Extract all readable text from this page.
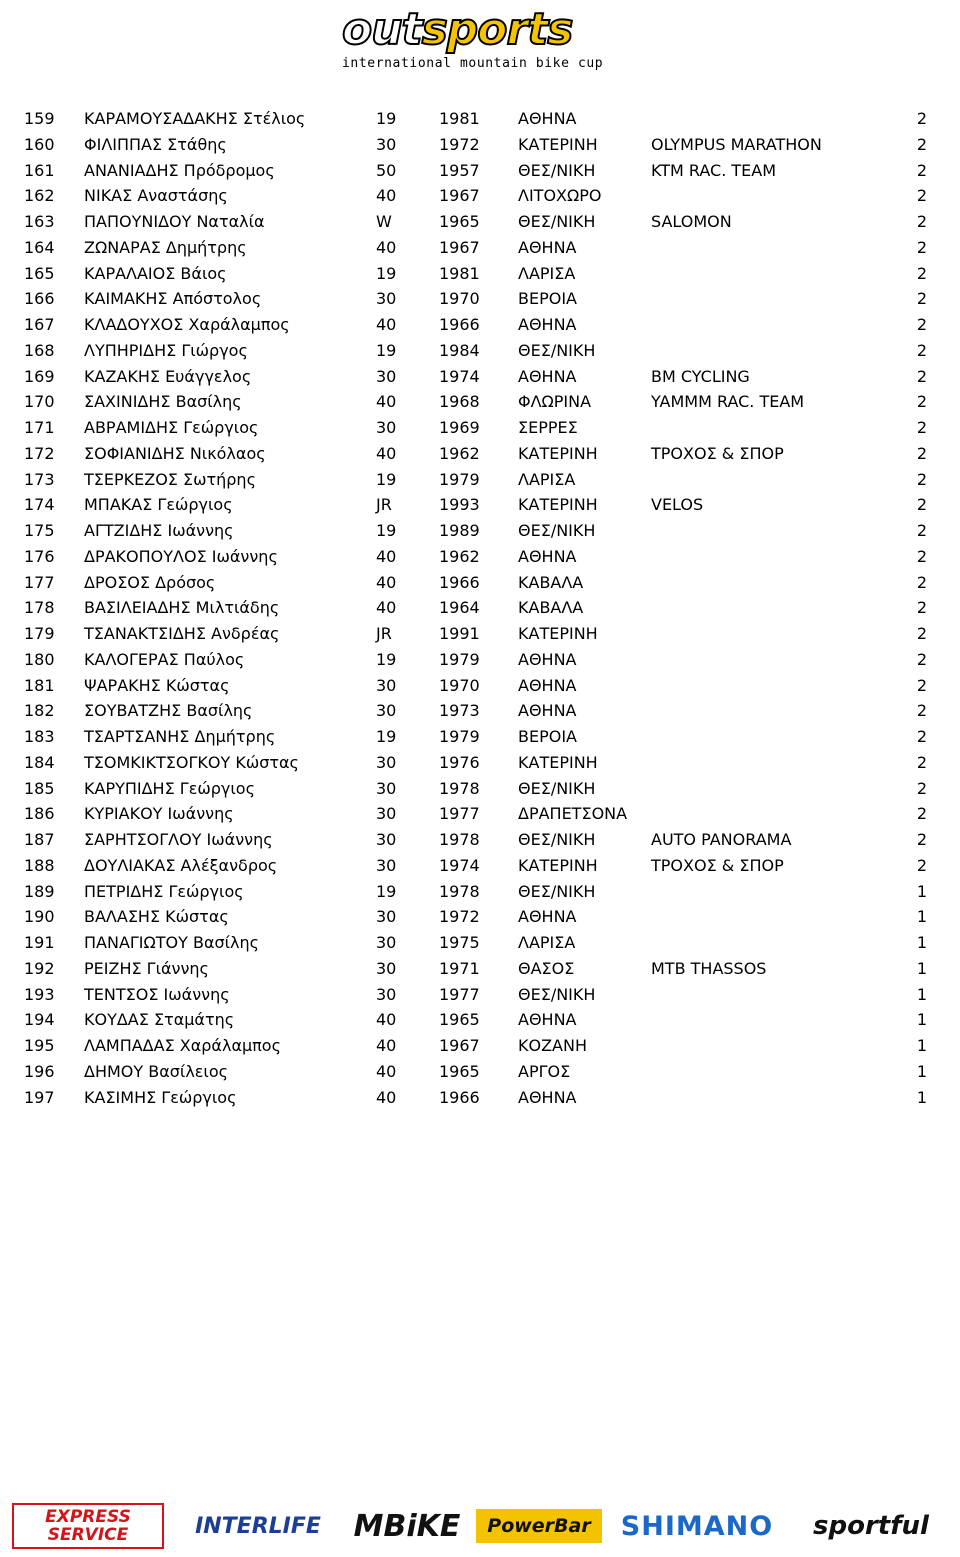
outsports
international mountain bike cup
159 ΚΑΡΑΜΟΥΣΑΔΑΚΗΣ Στέλιος	19	1981 ΑΘΗΝΑ	2
160 ΦΙΛΙΠΠΑΣ Στάθης	30	1972 ΚΑΤΕΡΙΝΗ	OLYMPUS MARATHON	2
161 ΑΝΑΝΙΑΔΗΣ Πρόδρομος	50	1957 ΘΕΣ/ΝΙΚΗ	KTM RAC. TEAM	2
162 ΝΙΚΑΣ Αναστάσης	40	1967 ΛΙΤΟΧΩΡΟ	2
163 ΠΑΠΟΥΝΙΔΟΥ Ναταλία	W	1965 ΘΕΣ/ΝΙΚΗ	SALOMON	2
164 ΖΩΝΑΡΑΣ Δημήτρης	40	1967 ΑΘΗΝΑ	2
165 ΚΑΡΑΛΑΙΟΣ Βάιος	19	1981 ΛΑΡΙΣΑ	2
166 ΚΑΙΜΑΚΗΣ Απόστολος	30	1970 ΒΕΡΟΙΑ	2
167 ΚΛΑΔΟΥΧΟΣ Χαράλαμπος	40	1966 ΑΘΗΝΑ	2
168 ΛΥΠΗΡΙΔΗΣ Γιώργος	19	1984 ΘΕΣ/ΝΙΚΗ	2
169 ΚΑΖΑΚΗΣ Ευάγγελος	30	1974 ΑΘΗΝΑ	BM CYCLING	2
170 ΣΑΧΙΝΙΔΗΣ Βασίλης	40	1968 ΦΛΩΡΙΝΑ	YAMMM RAC. TEAM	2
171 ΑΒΡΑΜΙΔΗΣ Γεώργιος	30	1969 ΣΕΡΡΕΣ	2
172 ΣΟΦΙΑΝΙΔΗΣ Νικόλαος	40	1962 ΚΑΤΕΡΙΝΗ	ΤΡΟΧΟΣ & ΣΠΟΡ	2
173 ΤΣΕΡΚΕΖΟΣ Σωτήρης	19	1979 ΛΑΡΙΣΑ	2
174 ΜΠΑΚΑΣ Γεώργιος	JR	1993 ΚΑΤΕΡΙΝΗ	VELOS	2
175 ΑΓΤΖΙΔΗΣ Ιωάννης	19	1989 ΘΕΣ/ΝΙΚΗ	2
176 ΔΡΑΚΟΠΟΥΛΟΣ Ιωάννης	40	1962 ΑΘΗΝΑ	2
177 ΔΡΟΣΟΣ Δρόσος	40	1966 ΚΑΒΑΛΑ	2
178 ΒΑΣΙΛΕΙΑΔΗΣ Μιλτιάδης	40	1964 ΚΑΒΑΛΑ	2
179 ΤΣΑΝΑΚΤΣΙΔΗΣ Ανδρέας	JR	1991 ΚΑΤΕΡΙΝΗ	2
180 ΚΑΛΟΓΕΡΑΣ Παύλος	19	1979 ΑΘΗΝΑ	2
181 ΨΑΡΑΚΗΣ Κώστας	30	1970 ΑΘΗΝΑ	2
182 ΣΟΥΒΑΤΖΗΣ Βασίλης	30	1973 ΑΘΗΝΑ	2
183 ΤΣΑΡΤΣΑΝΗΣ Δημήτρης	19	1979 ΒΕΡΟΙΑ	2
184 ΤΣΟΜΚΙΚΤΣΟΓΚΟΥ Κώστας	30	1976 ΚΑΤΕΡΙΝΗ	2
185 ΚΑΡΥΠΙΔΗΣ Γεώργιος	30	1978 ΘΕΣ/ΝΙΚΗ	2
186 ΚΥΡΙΑΚΟΥ Ιωάννης	30	1977 ΔΡΑΠΕΤΣΟΝΑ	2
187 ΣΑΡΗΤΣΟΓΛΟΥ Ιωάννης	30	1978 ΘΕΣ/ΝΙΚΗ	AUTO PANORAMA	2
188 ΔΟΥΛΙΑΚΑΣ Αλέξανδρος	30	1974 ΚΑΤΕΡΙΝΗ	ΤΡΟΧΟΣ & ΣΠΟΡ	2
189 ΠΕΤΡΙΔΗΣ Γεώργιος	19	1978 ΘΕΣ/ΝΙΚΗ	1
190 ΒΑΛΑΣΗΣ Κώστας	30	1972 ΑΘΗΝΑ	1
191 ΠΑΝΑΓΙΩΤΟΥ Βασίλης	30	1975 ΛΑΡΙΣΑ	1
192 ΡΕΙΖΗΣ Γιάννης	30	1971 ΘΑΣΟΣ	MTB THASSOS	1
193 ΤΕΝΤΣΟΣ Ιωάννης	30	1977 ΘΕΣ/ΝΙΚΗ	1
194 ΚΟΥΔΑΣ Σταμάτης	40	1965 ΑΘΗΝΑ	1
195 ΛΑΜΠΑΔΑΣ Χαράλαμπος	40	1967 ΚΟΖΑΝΗ	1
196 ΔΗΜΟΥ Βασίλειος	40	1965 ΑΡΓΟΣ	1
197 ΚΑΣΙΜΗΣ Γεώργιος	40	1966 ΑΘΗΝΑ	1
EXPRESS
SERVICE	INTERLIFE	MBiKE	PowerBar	SHIMANO	sportful
